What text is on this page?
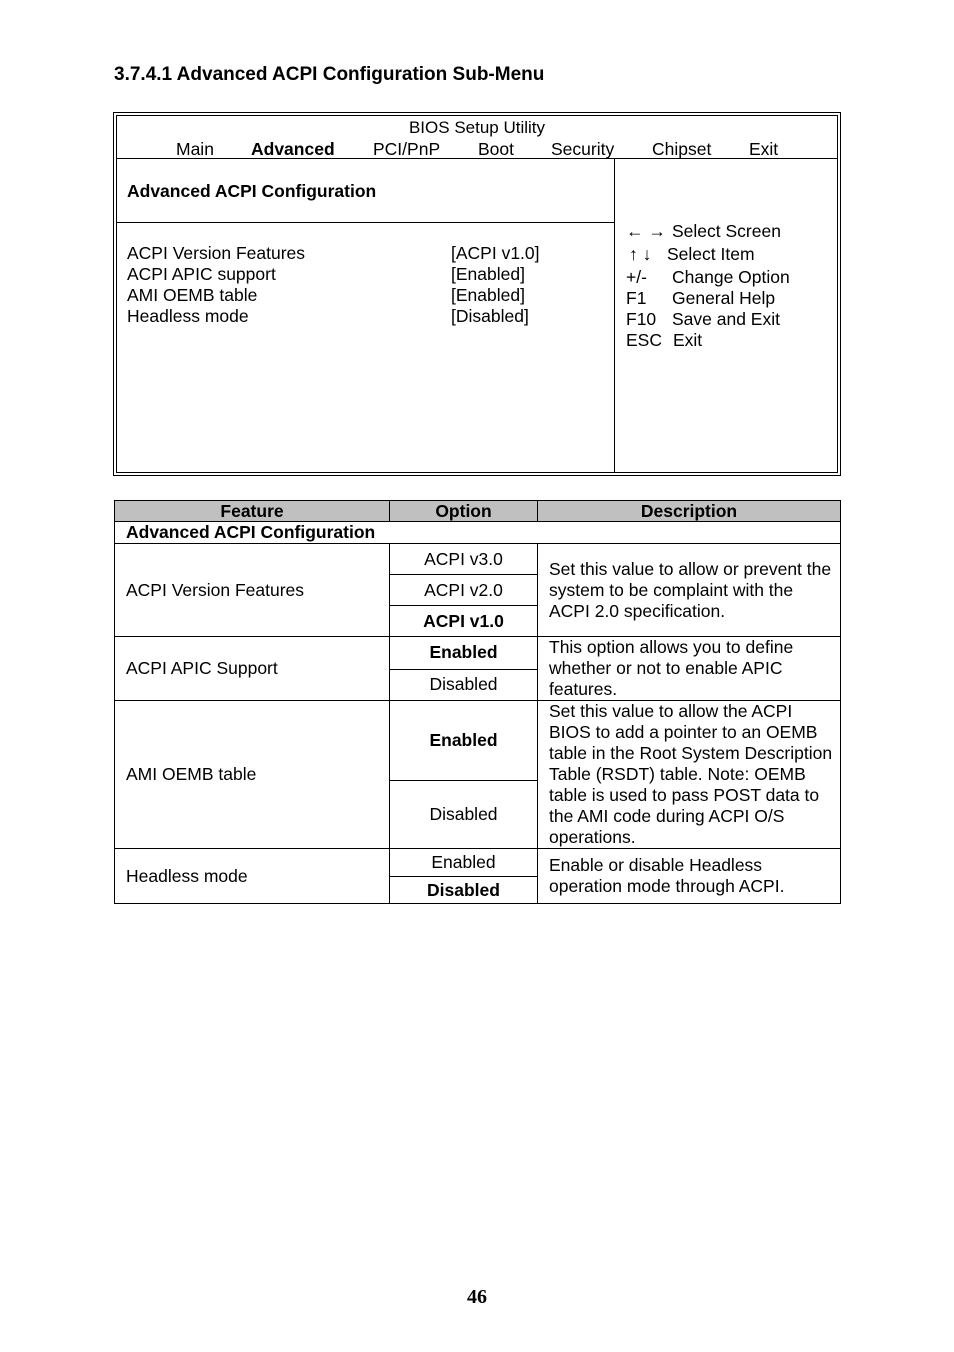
3.7.4.1 Advanced ACPI Configuration Sub-Menu
BIOS Setup Utility
Main Advanced PCI/PnP Boot Security Chipset Exit
Advanced ACPI Configuration
ACPI Version Features	[ACPI v1.0]
ACPI APIC support	[Enabled]
AMI OEMB table	[Enabled]
Headless mode	[Disabled]
← → Select Screen
↑ ↓ Select Item
+/- Change Option
F1 General Help
F10 Save and Exit
ESC Exit
Feature	Option	Description
Advanced ACPI Configuration		
ACPI Version Features	ACPI v3.0	Set this value to allow or prevent the system to be complaint with the ACPI 2.0 specification.
	ACPI v2.0	
	ACPI v1.0	
ACPI APIC Support	Enabled	This option allows you to define whether or not to enable APIC features.
	Disabled	
AMI OEMB table	Enabled	Set this value to allow the ACPI BIOS to add a pointer to an OEMB table in the Root System Description Table (RSDT) table. Note: OEMB table is used to pass POST data to the AMI code during ACPI O/S operations.
	Disabled	
Headless mode	Enabled	Enable or disable Headless operation mode through ACPI.
	Disabled	
46
